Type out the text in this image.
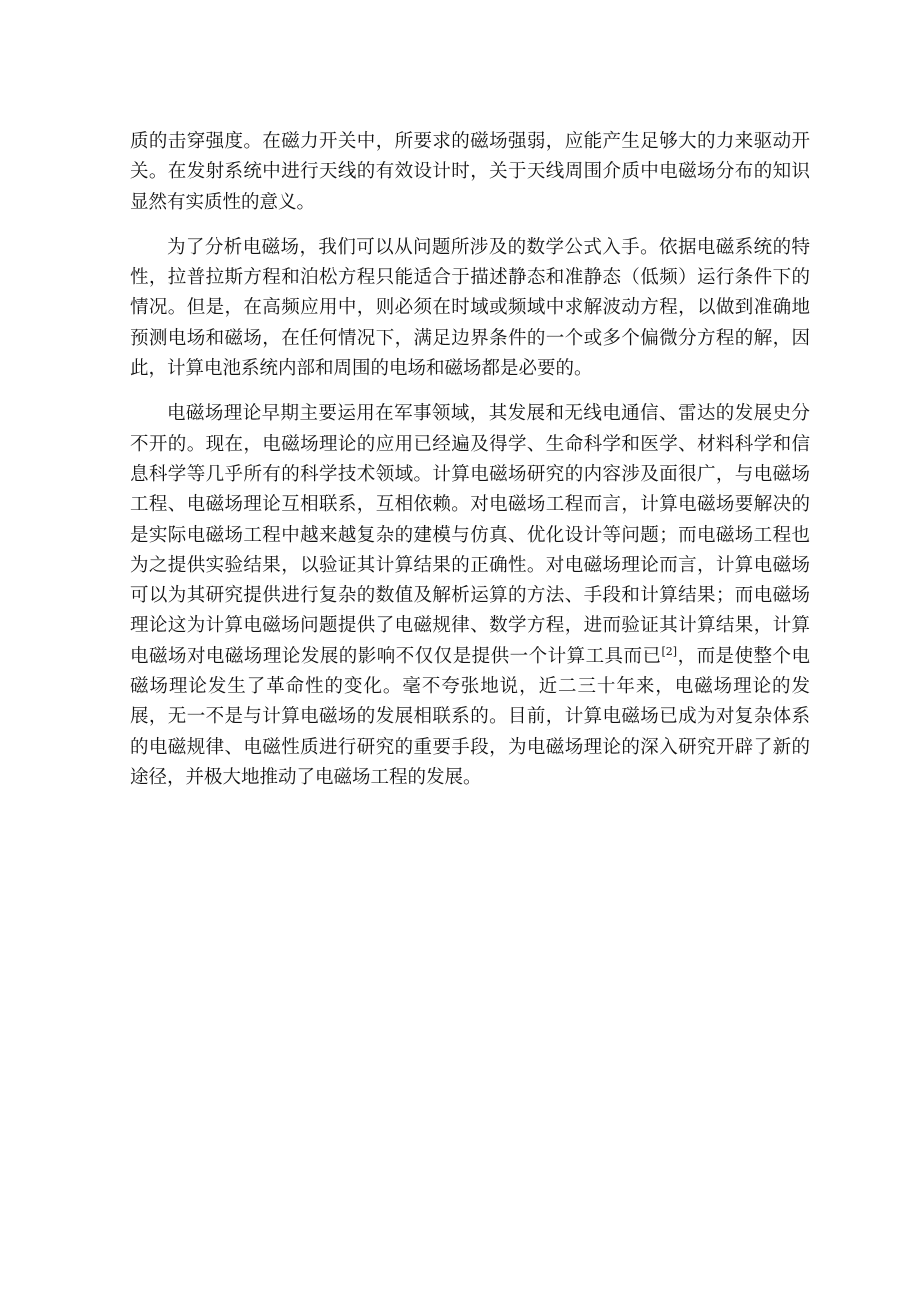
质的击穿强度。在磁力开关中，所要求的磁场强弱，应能产生足够大的力来驱动开关。在发射系统中进行天线的有效设计时，关于天线周围介质中电磁场分布的知识显然有实质性的意义。

为了分析电磁场，我们可以从问题所涉及的数学公式入手。依据电磁系统的特性，拉普拉斯方程和泊松方程只能适合于描述静态和准静态（低频）运行条件下的情况。但是，在高频应用中，则必须在时域或频域中求解波动方程，以做到准确地预测电场和磁场，在任何情况下，满足边界条件的一个或多个偏微分方程的解，因此，计算电池系统内部和周围的电场和磁场都是必要的。

电磁场理论早期主要运用在军事领域，其发展和无线电通信、雷达的发展史分不开的。现在，电磁场理论的应用已经遍及得学、生命科学和医学、材料科学和信息科学等几乎所有的科学技术领域。计算电磁场研究的内容涉及面很广，与电磁场工程、电磁场理论互相联系，互相依赖。对电磁场工程而言，计算电磁场要解决的是实际电磁场工程中越来越复杂的建模与仿真、优化设计等问题；而电磁场工程也为之提供实验结果，以验证其计算结果的正确性。对电磁场理论而言，计算电磁场可以为其研究提供进行复杂的数值及解析运算的方法、手段和计算结果；而电磁场理论这为计算电磁场问题提供了电磁规律、数学方程，进而验证其计算结果，计算电磁场对电磁场理论发展的影响不仅仅是提供一个计算工具而已[2]，而是使整个电磁场理论发生了革命性的变化。毫不夸张地说，近二三十年来，电磁场理论的发展，无一不是与计算电磁场的发展相联系的。目前，计算电磁场已成为对复杂体系的电磁规律、电磁性质进行研究的重要手段，为电磁场理论的深入研究开辟了新的途径，并极大地推动了电磁场工程的发展。
